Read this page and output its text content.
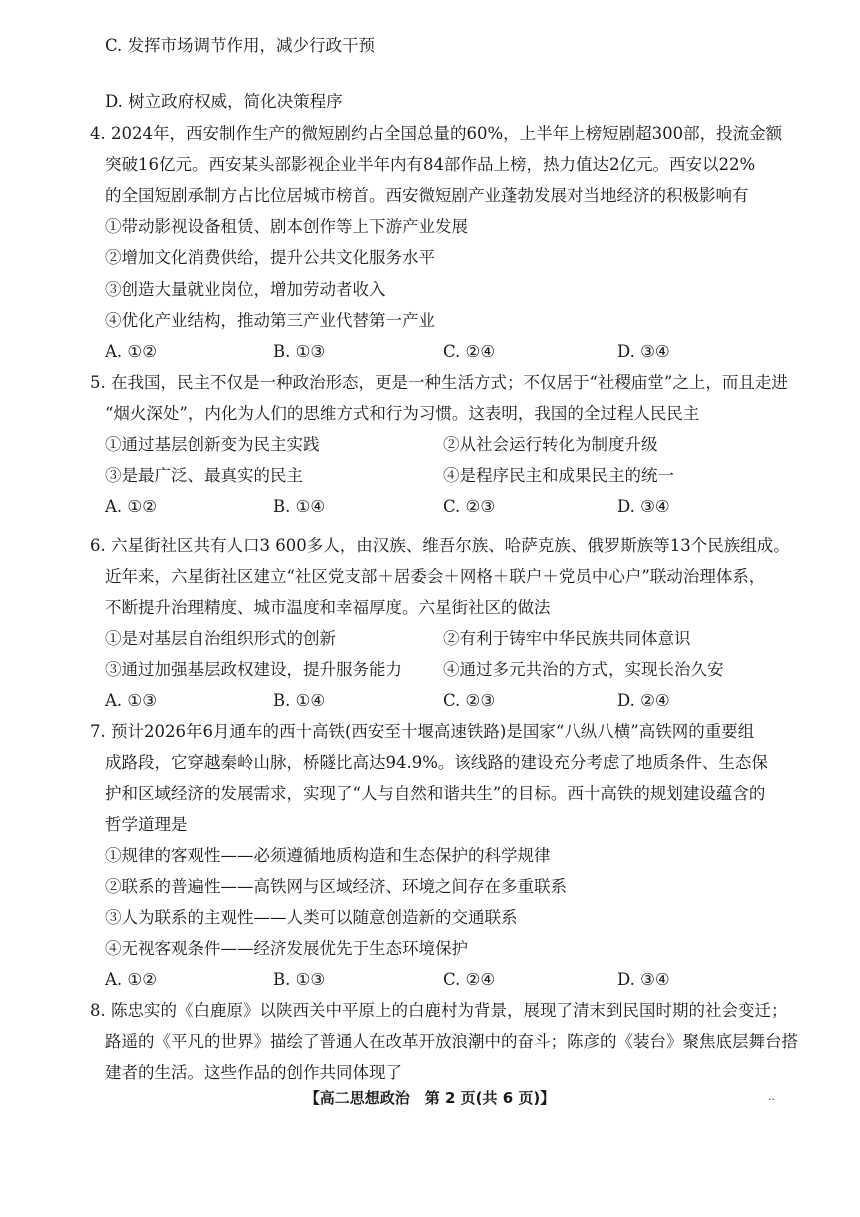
C. 发挥市场调节作用，减少行政干预
D. 树立政府权威，简化决策程序
4. 2024年，西安制作生产的微短剧约占全国总量的60%，上半年上榜短剧超300部，投流金额
突破16亿元。西安某头部影视企业半年内有84部作品上榜，热力值达2亿元。西安以22%
的全国短剧承制方占比位居城市榜首。西安微短剧产业蓬勃发展对当地经济的积极影响有
①带动影视设备租赁、剧本创作等上下游产业发展
②增加文化消费供给，提升公共文化服务水平
③创造大量就业岗位，增加劳动者收入
④优化产业结构，推动第三产业代替第一产业
A. ①②	B. ①③	C. ②④	D. ③④
5. 在我国，民主不仅是一种政治形态，更是一种生活方式；不仅居于“社稷庙堂”之上，而且走进
“烟火深处”，内化为人们的思维方式和行为习惯。这表明，我国的全过程人民民主
①通过基层创新变为民主实践	②从社会运行转化为制度升级
③是最广泛、最真实的民主	④是程序民主和成果民主的统一
A. ①②	B. ①④	C. ②③	D. ③④
6. 六星街社区共有人口3 600多人，由汉族、维吾尔族、哈萨克族、俄罗斯族等13个民族组成。
近年来，六星街社区建立“社区党支部＋居委会＋网格＋联户＋党员中心户”联动治理体系，
不断提升治理精度、城市温度和幸福厚度。六星街社区的做法
①是对基层自治组织形式的创新	②有利于铸牢中华民族共同体意识
③通过加强基层政权建设，提升服务能力 ④通过多元共治的方式，实现长治久安
A. ①③	B. ①④	C. ②③	D. ②④
7. 预计2026年6月通车的西十高铁(西安至十堰高速铁路)是国家“八纵八横”高铁网的重要组
成路段，它穿越秦岭山脉，桥隧比高达94.9%。该线路的建设充分考虑了地质条件、生态保
护和区域经济的发展需求，实现了“人与自然和谐共生”的目标。西十高铁的规划建设蕴含的
哲学道理是
①规律的客观性——必须遵循地质构造和生态保护的科学规律
②联系的普遍性——高铁网与区域经济、环境之间存在多重联系
③人为联系的主观性——人类可以随意创造新的交通联系
④无视客观条件——经济发展优先于生态环境保护
A. ①②	B. ①③	C. ②④	D. ③④
8. 陈忠实的《白鹿原》以陕西关中平原上的白鹿村为背景，展现了清末到民国时期的社会变迁；
路遥的《平凡的世界》描绘了普通人在改革开放浪潮中的奋斗；陈彦的《装台》聚焦底层舞台搭
建者的生活。这些作品的创作共同体现了
【高二思想政治　第 2 页(共 6 页)】	··
